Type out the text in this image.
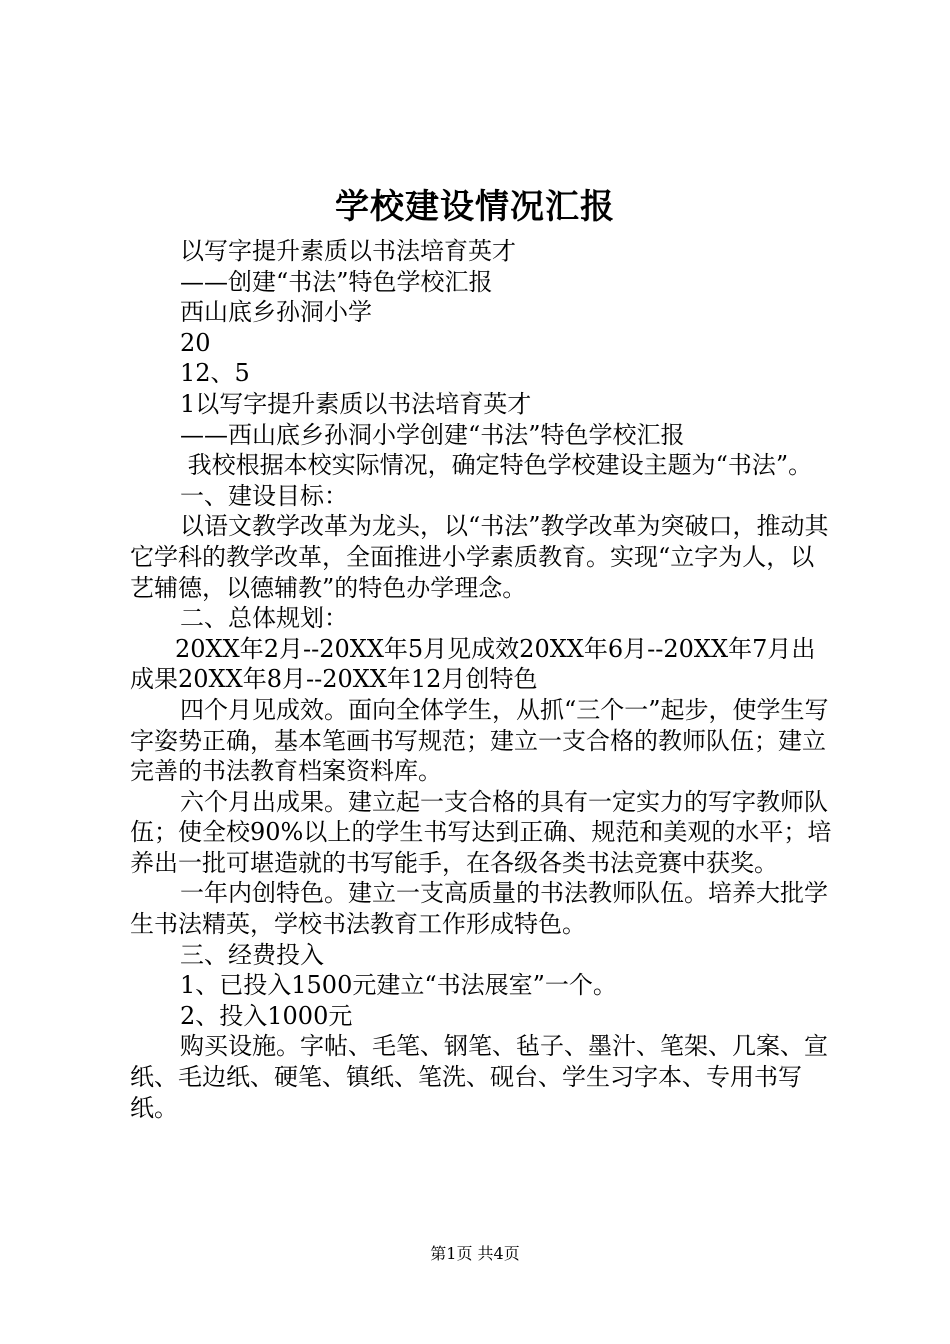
学校建设情况汇报

以写字提升素质以书法培育英才

——创建“书法”特色学校汇报

西山底乡孙洞小学

20

12、5

1以写字提升素质以书法培育英才

——西山底乡孙洞小学创建“书法”特色学校汇报

我校根据本校实际情况，确定特色学校建设主题为“书法”。

一、建设目标：

以语文教学改革为龙头，以“书法”教学改革为突破口，推动其它学科的教学改革，全面推进小学素质教育。实现“立字为人，以艺辅德，以德辅教”的特色办学理念。

二、总体规划：

20XX年2月--20XX年5月见成效20XX年6月--20XX年7月出成果20XX年8月--20XX年12月创特色

四个月见成效。面向全体学生，从抓“三个一”起步，使学生写字姿势正确，基本笔画书写规范；建立一支合格的教师队伍；建立完善的书法教育档案资料库。

六个月出成果。建立起一支合格的具有一定实力的写字教师队伍；使全校90%以上的学生书写达到正确、规范和美观的水平；培养出一批可堪造就的书写能手，在各级各类书法竞赛中获奖。

一年内创特色。建立一支高质量的书法教师队伍。培养大批学生书法精英，学校书法教育工作形成特色。

三、经费投入

1、已投入1500元建立“书法展室”一个。

2、投入1000元

购买设施。字帖、毛笔、钢笔、毡子、墨汁、笔架、几案、宣纸、毛边纸、硬笔、镇纸、笔洗、砚台、学生习字本、专用书写纸。

第1页 共4页
